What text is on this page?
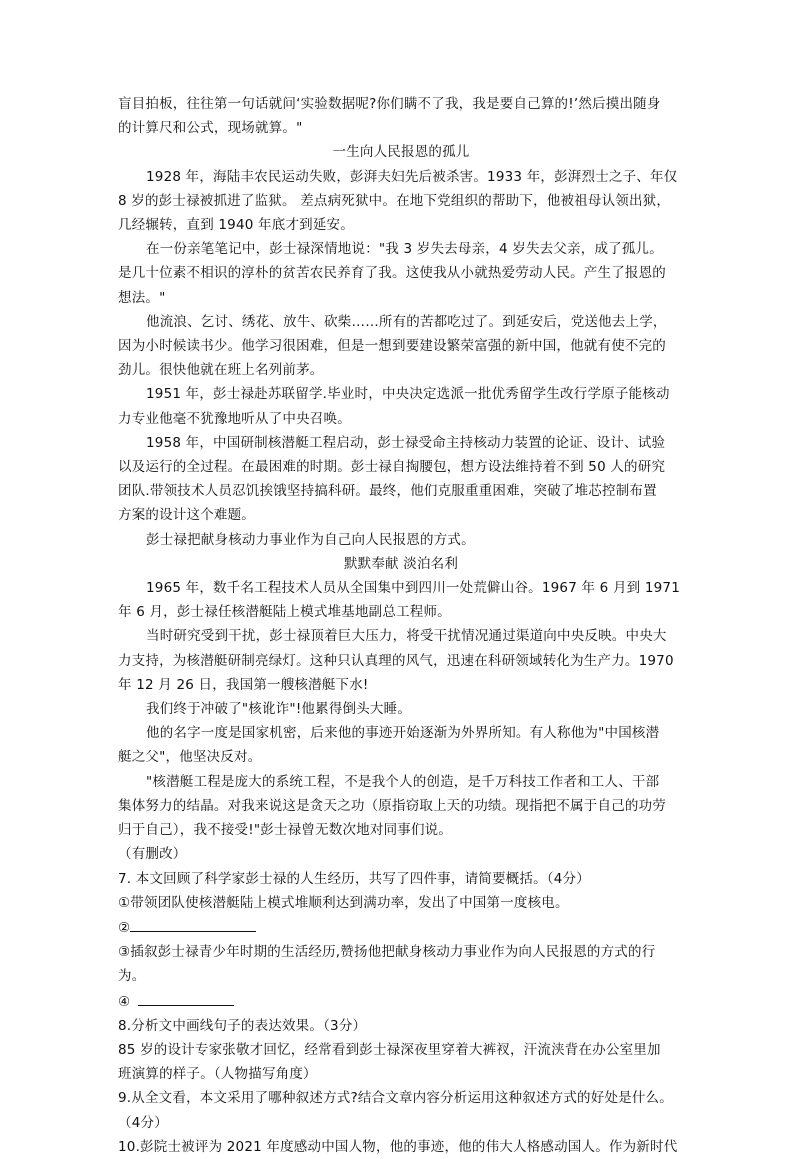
盲目拍板，往往第一句话就问‘实验数据呢?你们瞒不了我，我是要自己算的!’然后摸出随身
的计算尺和公式，现场就算。"
一生向人民报恩的孤儿
1928 年，海陆丰农民运动失败，彭湃夫妇先后被杀害。1933 年，彭湃烈士之子、年仅
8 岁的彭士禄被抓进了监狱。 差点病死狱中。在地下党组织的帮助下，他被祖母认领出狱，
几经辗转，直到 1940 年底才到延安。
在一份亲笔笔记中，彭士禄深情地说："我 3 岁失去母亲，4 岁失去父亲，成了孤儿。
是几十位素不相识的淳朴的贫苦农民养育了我。这使我从小就热爱劳动人民。产生了报恩的
想法。"
他流浪、乞讨、绣花、放牛、砍柴……所有的苦都吃过了。到延安后，党送他去上学，
因为小时候读书少。他学习很困难，但是一想到要建设繁荣富强的新中国，他就有使不完的
劲儿。很快他就在班上名列前茅。
1951 年，彭士禄赴苏联留学.毕业时，中央决定选派一批优秀留学生改行学原子能核动
力专业他毫不犹豫地听从了中央召唤。
1958 年，中国研制核潜艇工程启动，彭士禄受命主持核动力装置的论证、设计、试验
以及运行的全过程。在最困难的时期。彭士禄自掏腰包，想方设法维持着不到 50 人的研究
团队.带领技术人员忍饥挨饿坚持搞科研。最终，他们克服重重困难，突破了堆芯控制布置
方案的设计这个难题。
彭士禄把献身核动力事业作为自己向人民报恩的方式。
默默奉献 淡泊名利
1965 年，数千名工程技术人员从全国集中到四川一处荒僻山谷。1967 年 6 月到 1971
年 6 月，彭士禄任核潜艇陆上模式堆基地副总工程师。
当时研究受到干扰，彭士禄顶着巨大压力，将受干扰情况通过渠道向中央反映。中央大
力支持，为核潜艇研制亮绿灯。这种只认真理的风气，迅速在科研领域转化为生产力。1970
年 12 月 26 日，我国第一艘核潜艇下水!
我们终于冲破了"核讹诈"!他累得倒头大睡。
他的名字一度是国家机密，后来他的事迹开始逐渐为外界所知。有人称他为"中国核潜
艇之父"，他坚决反对。
"核潜艇工程是庞大的系统工程，不是我个人的创造，是千万科技工作者和工人、干部
集体努力的结晶。对我来说这是贪天之功（原指窃取上天的功绩。现指把不属于自己的功劳
归于自己），我不接受!"彭士禄曾无数次地对同事们说。
（有删改）
7. 本文回顾了科学家彭士禄的人生经历，共写了四件事，请简要概括。（4分）
①带领团队使核潜艇陆上模式堆顺利达到满功率，发出了中国第一度核电。
②
③插叙彭士禄青少年时期的生活经历,赞扬他把献身核动力事业作为向人民报恩的方式的行
为。
④
8.分析文中画线句子的表达效果。（3分）
85 岁的设计专家张敬才回忆，经常看到彭士禄深夜里穿着大裤衩，汗流浃背在办公室里加
班演算的样子。（人物描写角度）
9.从全文看，本文采用了哪种叙述方式?结合文章内容分析运用这种叙述方式的好处是什么。
（4分）
10.彭院士被评为 2021 年度感动中国人物，他的事迹，他的伟大人格感动国人。作为新时代
